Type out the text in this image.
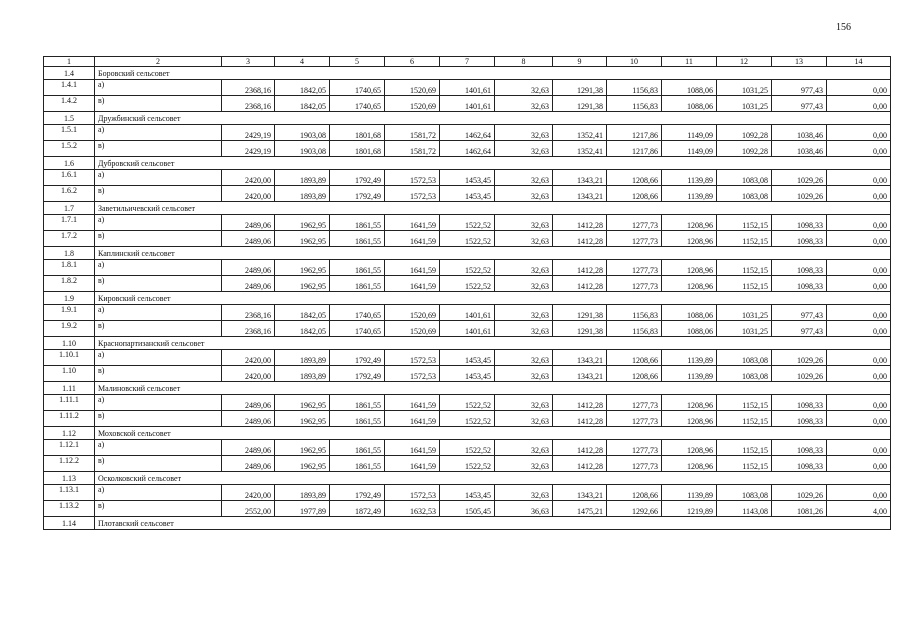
156
1	2	3	4	5	6	7	8	9	10	11	12	13	14
1.4	Боровский сельсовет												
1.4.1	а)	2368,16	1842,05	1740,65	1520,69	1401,61	32,63	1291,38	1156,83	1088,06	1031,25	977,43	0,00
1.4.2	в)	2368,16	1842,05	1740,65	1520,69	1401,61	32,63	1291,38	1156,83	1088,06	1031,25	977,43	0,00
1.5	Дружбинский сельсовет												
1.5.1	а)	2429,19	1903,08	1801,68	1581,72	1462,64	32,63	1352,41	1217,86	1149,09	1092,28	1038,46	0,00
1.5.2	в)	2429,19	1903,08	1801,68	1581,72	1462,64	32,63	1352,41	1217,86	1149,09	1092,28	1038,46	0,00
1.6	Дубровский сельсовет												
1.6.1	а)	2420,00	1893,89	1792,49	1572,53	1453,45	32,63	1343,21	1208,66	1139,89	1083,08	1029,26	0,00
1.6.2	в)	2420,00	1893,89	1792,49	1572,53	1453,45	32,63	1343,21	1208,66	1139,89	1083,08	1029,26	0,00
1.7	Заветильичевский сельсовет												
1.7.1	а)	2489,06	1962,95	1861,55	1641,59	1522,52	32,63	1412,28	1277,73	1208,96	1152,15	1098,33	0,00
1.7.2	в)	2489,06	1962,95	1861,55	1641,59	1522,52	32,63	1412,28	1277,73	1208,96	1152,15	1098,33	0,00
1.8	Каплинский сельсовет												
1.8.1	а)	2489,06	1962,95	1861,55	1641,59	1522,52	32,63	1412,28	1277,73	1208,96	1152,15	1098,33	0,00
1.8.2	в)	2489,06	1962,95	1861,55	1641,59	1522,52	32,63	1412,28	1277,73	1208,96	1152,15	1098,33	0,00
1.9	Кировский сельсовет												
1.9.1	а)	2368,16	1842,05	1740,65	1520,69	1401,61	32,63	1291,38	1156,83	1088,06	1031,25	977,43	0,00
1.9.2	в)	2368,16	1842,05	1740,65	1520,69	1401,61	32,63	1291,38	1156,83	1088,06	1031,25	977,43	0,00
1.10	Краснопартизанский сельсовет												
1.10.1	а)	2420,00	1893,89	1792,49	1572,53	1453,45	32,63	1343,21	1208,66	1139,89	1083,08	1029,26	0,00
1.10	в)	2420,00	1893,89	1792,49	1572,53	1453,45	32,63	1343,21	1208,66	1139,89	1083,08	1029,26	0,00
1.11	Малиновский сельсовет												
1.11.1	а)	2489,06	1962,95	1861,55	1641,59	1522,52	32,63	1412,28	1277,73	1208,96	1152,15	1098,33	0,00
1.11.2	в)	2489,06	1962,95	1861,55	1641,59	1522,52	32,63	1412,28	1277,73	1208,96	1152,15	1098,33	0,00
1.12	Моховской сельсовет												
1.12.1	а)	2489,06	1962,95	1861,55	1641,59	1522,52	32,63	1412,28	1277,73	1208,96	1152,15	1098,33	0,00
1.12.2	в)	2489,06	1962,95	1861,55	1641,59	1522,52	32,63	1412,28	1277,73	1208,96	1152,15	1098,33	0,00
1.13	Осколковский сельсовет												
1.13.1	а)	2420,00	1893,89	1792,49	1572,53	1453,45	32,63	1343,21	1208,66	1139,89	1083,08	1029,26	0,00
1.13.2	в)	2552,00	1977,89	1872,49	1632,53	1505,45	36,63	1475,21	1292,66	1219,89	1143,08	1081,26	4,00
1.14	Плотавский сельсовет												
